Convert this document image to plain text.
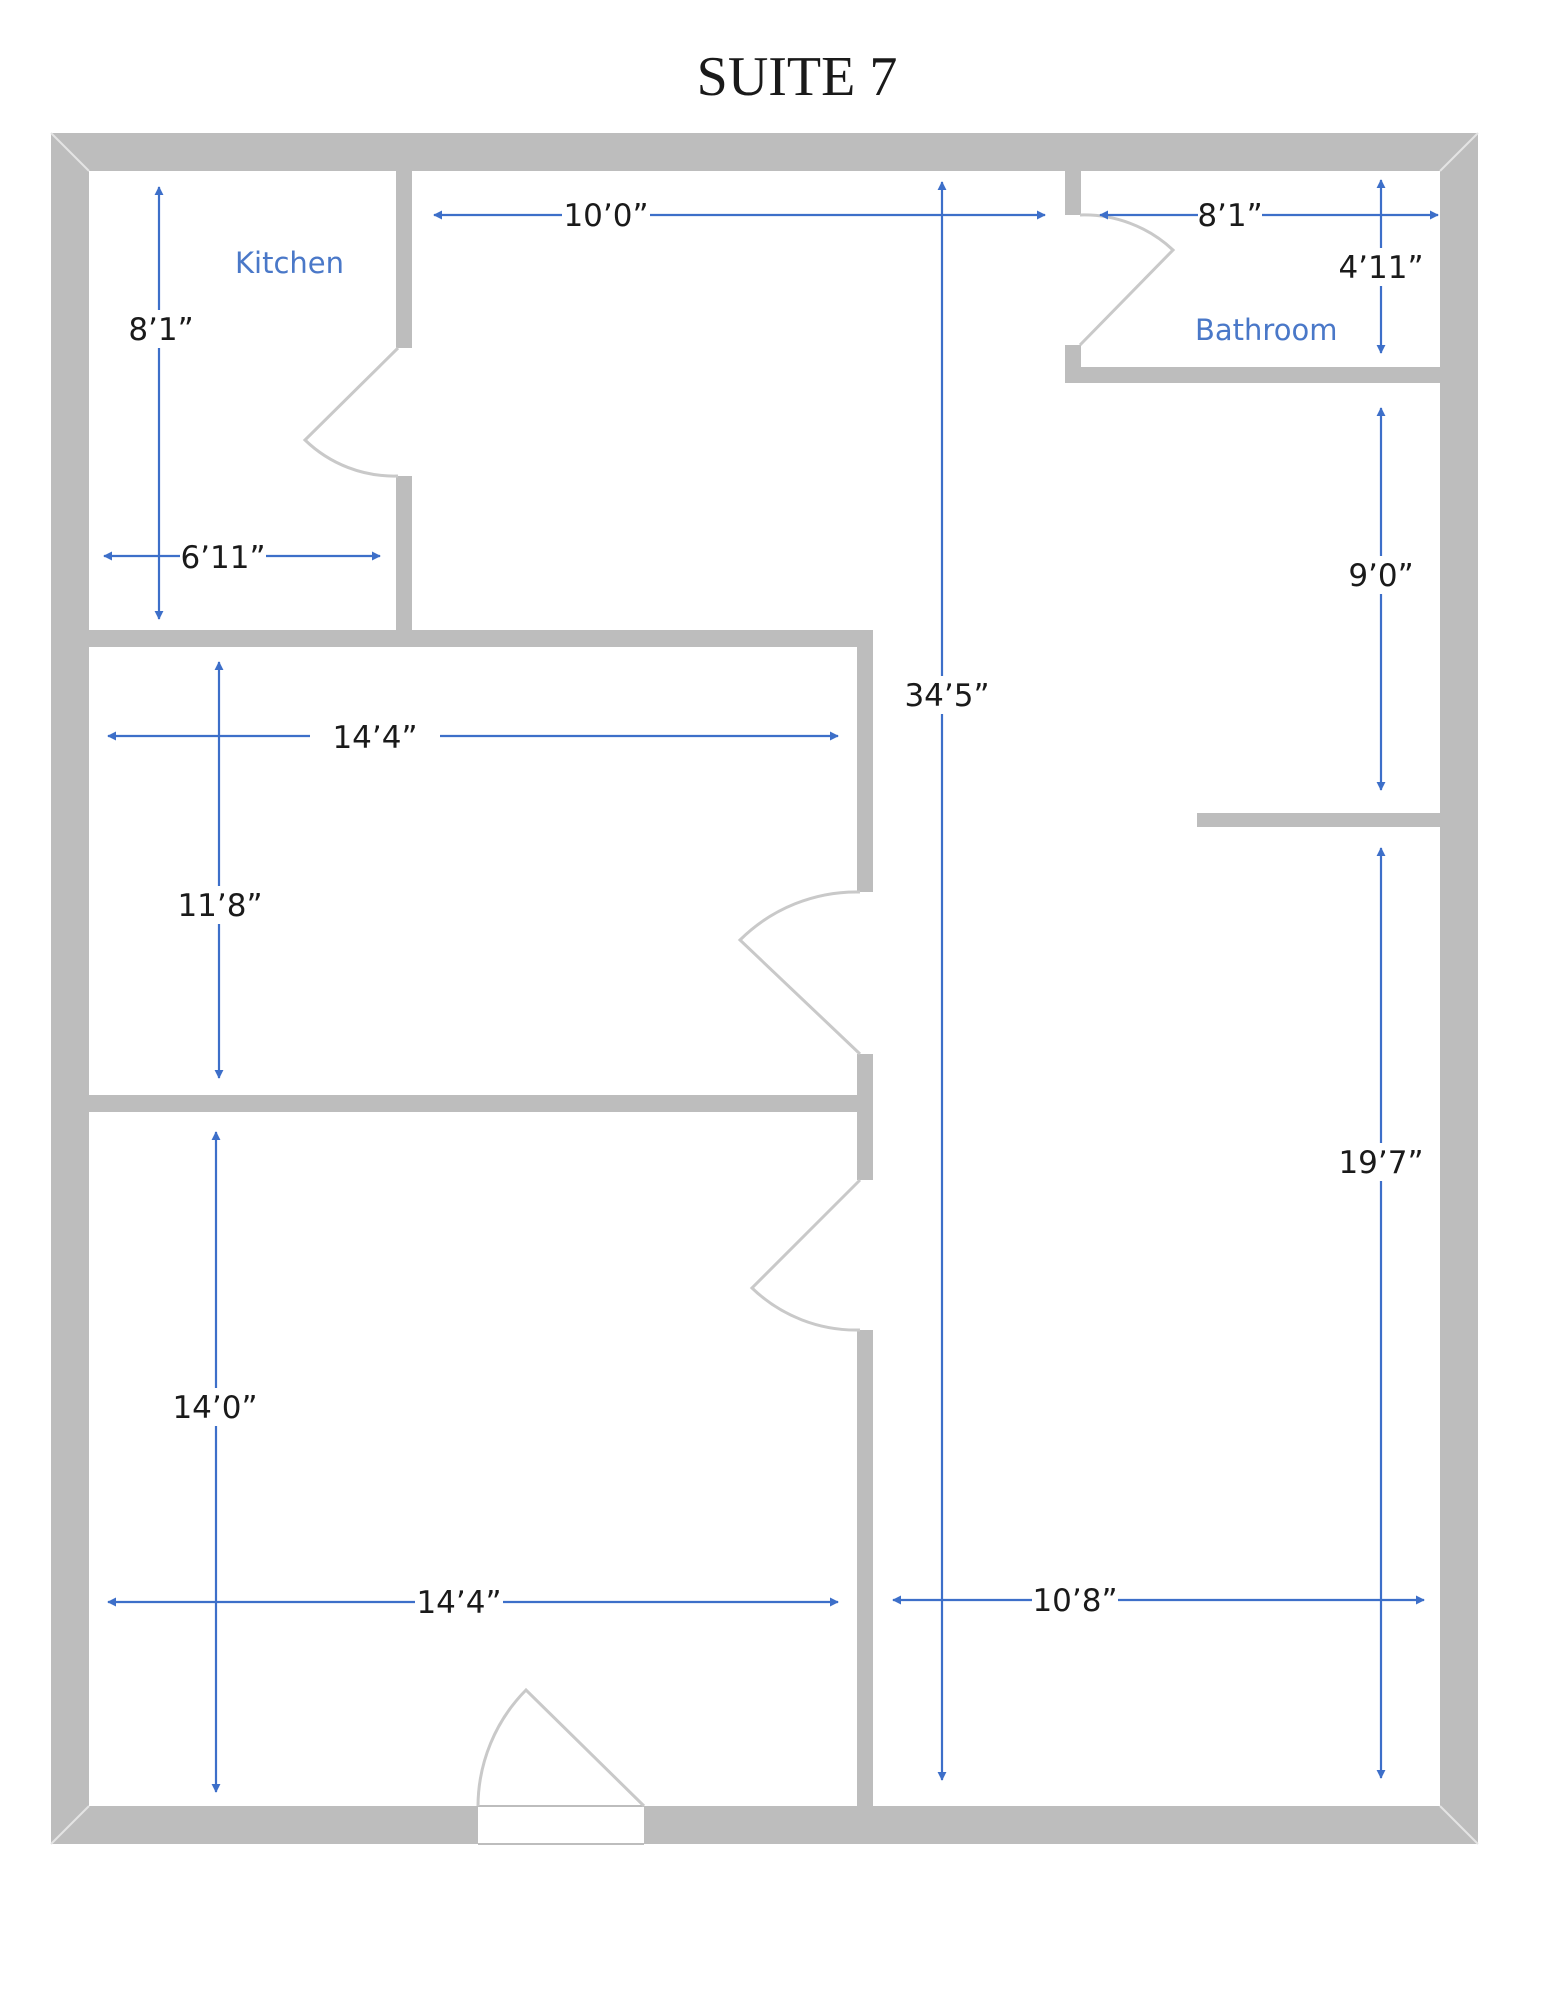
SUITE 7
Kitchen
Bathroom
10’0”	8’1”
4’11”
8’1”
6’11”	9’0”
34’5”
14’4”
11’8”
19’7”
14’0”
14’4”	10’8”
